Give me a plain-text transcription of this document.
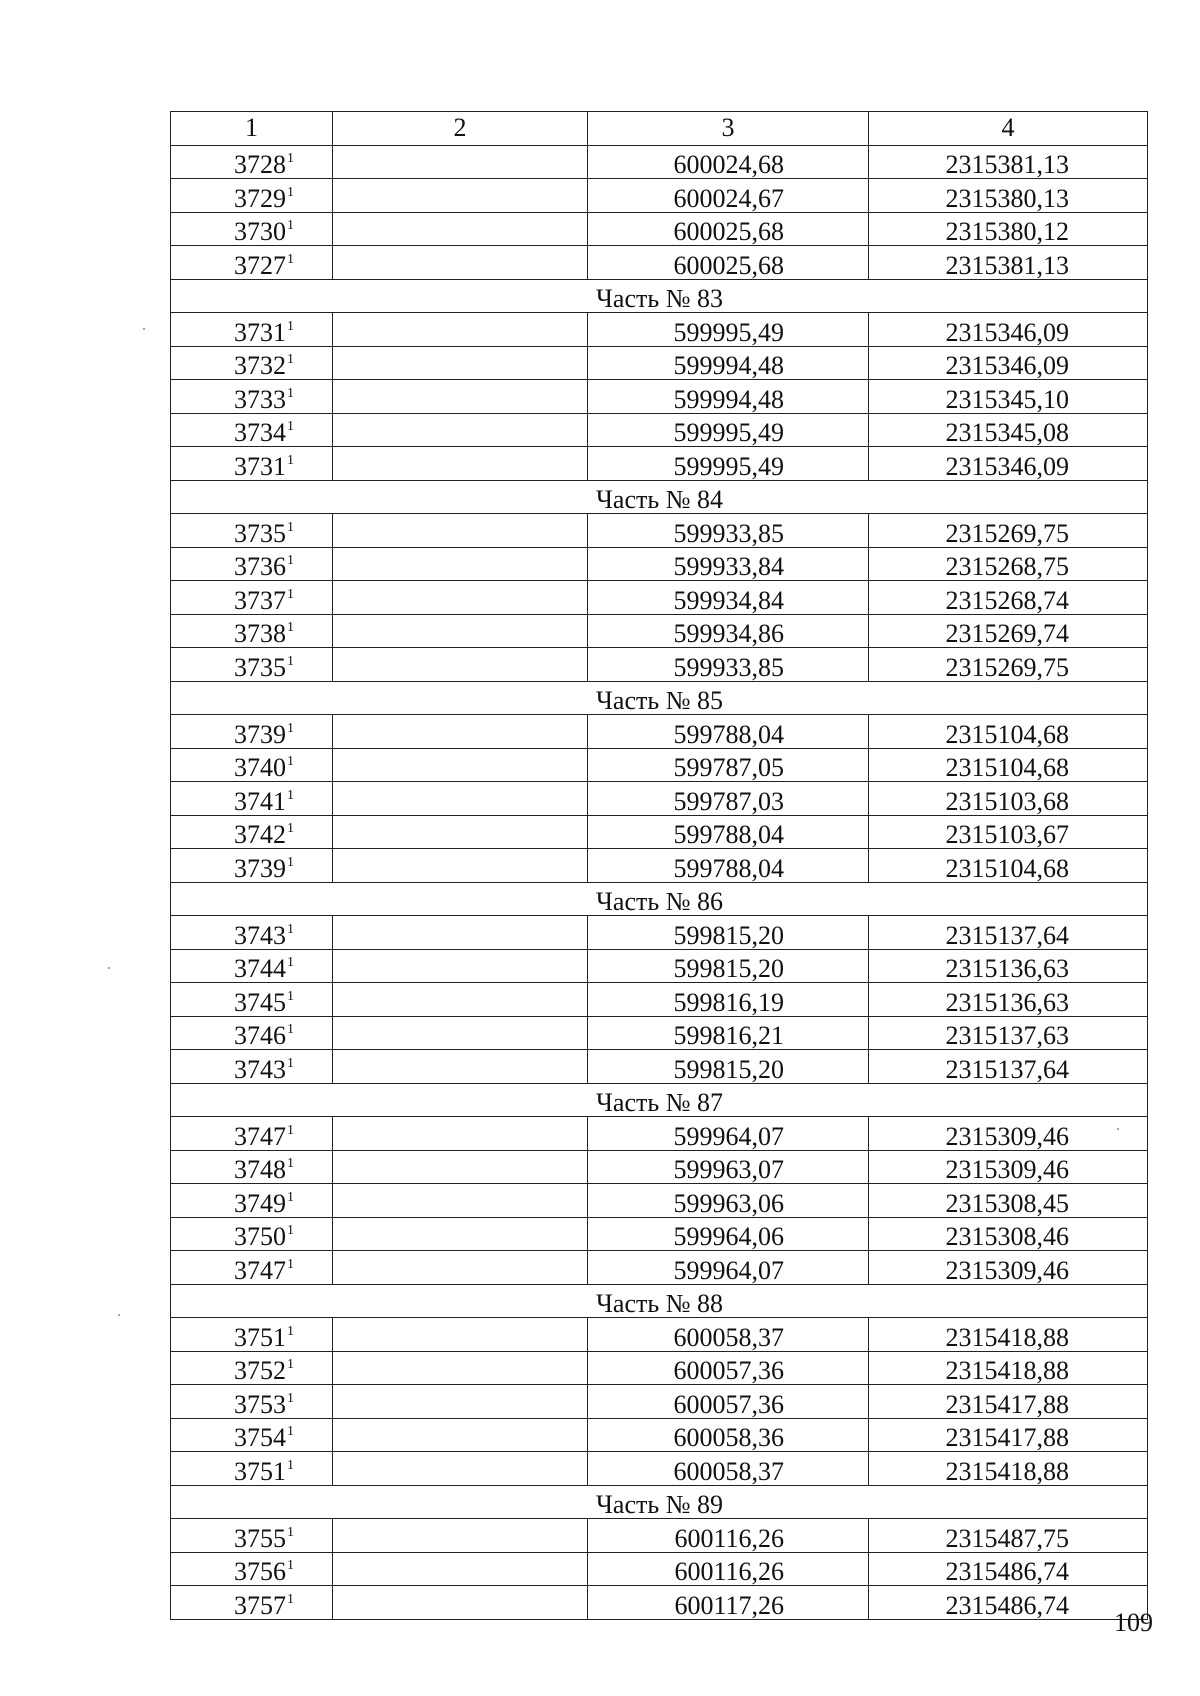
1	2	3	4
3728$^1$		600024,68	2315381,13
3729$^1$		600024,67	2315380,13
3730$^1$		600025,68	2315380,12
3727$^1$		600025,68	2315381,13
Часть № 83			
3731$^1$		599995,49	2315346,09
3732$^1$		599994,48	2315346,09
3733$^1$		599994,48	2315345,10
3734$^1$		599995,49	2315345,08
3731$^1$		599995,49	2315346,09
Часть № 84			
3735$^1$		599933,85	2315269,75
3736$^1$		599933,84	2315268,75
3737$^1$		599934,84	2315268,74
3738$^1$		599934,86	2315269,74
3735$^1$		599933,85	2315269,75
Часть № 85			
3739$^1$		599788,04	2315104,68
3740$^1$		599787,05	2315104,68
3741$^1$		599787,03	2315103,68
3742$^1$		599788,04	2315103,67
3739$^1$		599788,04	2315104,68
Часть № 86			
3743$^1$		599815,20	2315137,64
3744$^1$		599815,20	2315136,63
3745$^1$		599816,19	2315136,63
3746$^1$		599816,21	2315137,63
3743$^1$		599815,20	2315137,64
Часть № 87			
3747$^1$		599964,07	2315309,46
3748$^1$		599963,07	2315309,46
3749$^1$		599963,06	2315308,45
3750$^1$		599964,06	2315308,46
3747$^1$		599964,07	2315309,46
Часть № 88			
3751$^1$		600058,37	2315418,88
3752$^1$		600057,36	2315418,88
3753$^1$		600057,36	2315417,88
3754$^1$		600058,36	2315417,88
3751$^1$		600058,37	2315418,88
Часть № 89			
3755$^1$		600116,26	2315487,75
3756$^1$		600116,26	2315486,74
3757$^1$		600117,26	2315486,74
109
